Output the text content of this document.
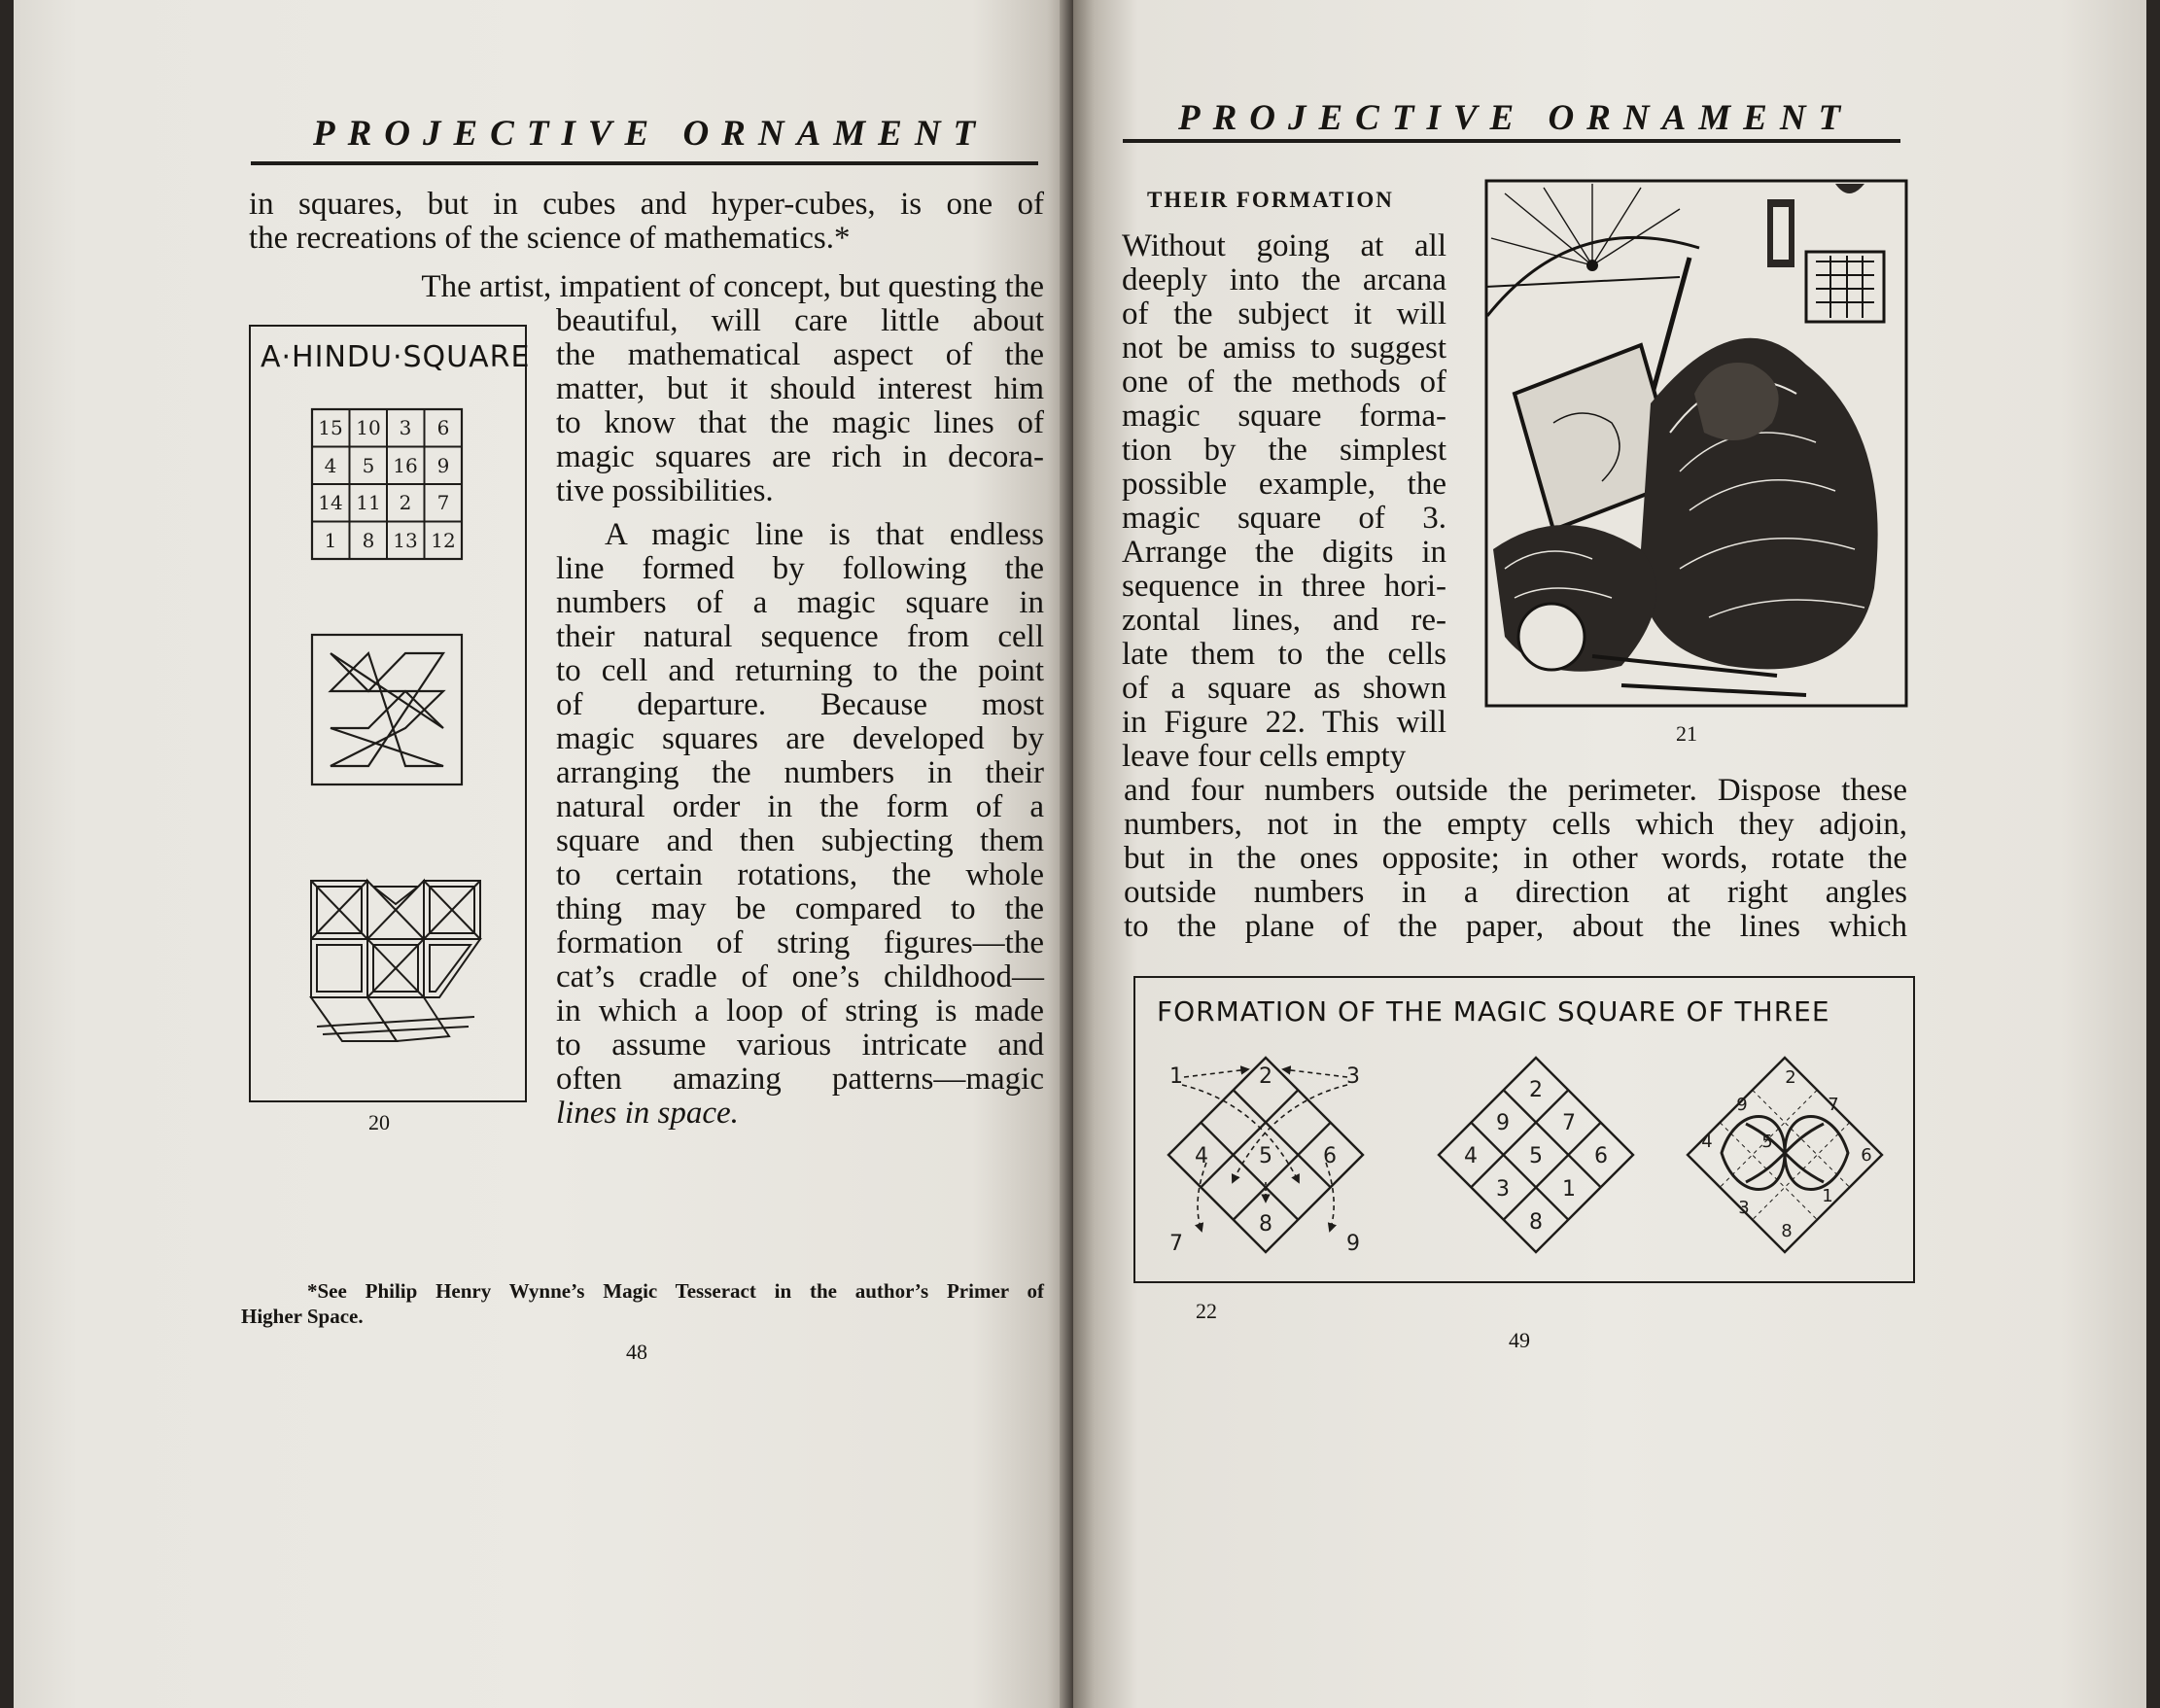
PROJECTIVE ORNAMENT
in squares, but in cubes and hyper-cubes, is one of
the recreations of the science of mathematics.*
The artist, impatient of concept, but questing the
beautiful, will care little about
the mathematical aspect of the
matter, but it should interest him
to know that the magic lines of
magic squares are rich in decora-
tive possibilities.
A magic line is that endless
line formed by following the
numbers of a magic square in
their natural sequence from cell
to cell and returning to the point
of departure. Because most
magic squares are developed by
arranging the numbers in their
natural order in the form of a
square and then subjecting them
to certain rotations, the whole
thing may be compared to the
formation of string figures—the
cat’s cradle of one’s childhood—
in which a loop of string is made
to assume various intricate and
often amazing patterns—magic
lines in space.
A·HINDU·SQUARE
15 10 3 6
4 5 16 9
14 11 2 7
1 8 13 12
20
*See Philip Henry Wynne’s Magic Tesseract in the author’s Primer of
Higher Space.
48
PROJECTIVE ORNAMENT
THEIR FORMATION
Without going at all
deeply into the arcana
of the subject it will
not be amiss to suggest
one of the methods of
magic square forma-
tion by the simplest
possible example, the
magic square of 3.
Arrange the digits in
sequence in three hori-
zontal lines, and re-
late them to the cells
of a square as shown
in Figure 22. This will
leave four cells empty
and four numbers outside the perimeter. Dispose these
numbers, not in the empty cells which they adjoin,
but in the ones opposite; in other words, rotate the
outside numbers in a direction at right angles
to the plane of the paper, about the lines which
21
FORMATION OF THE MAGIC SQUARE OF THREE
1	2	3
4 5 6
7
8
9
2
9 7
4 5 6
3 1
8
2
9	7
4	5
6
3
1
8
22
49
